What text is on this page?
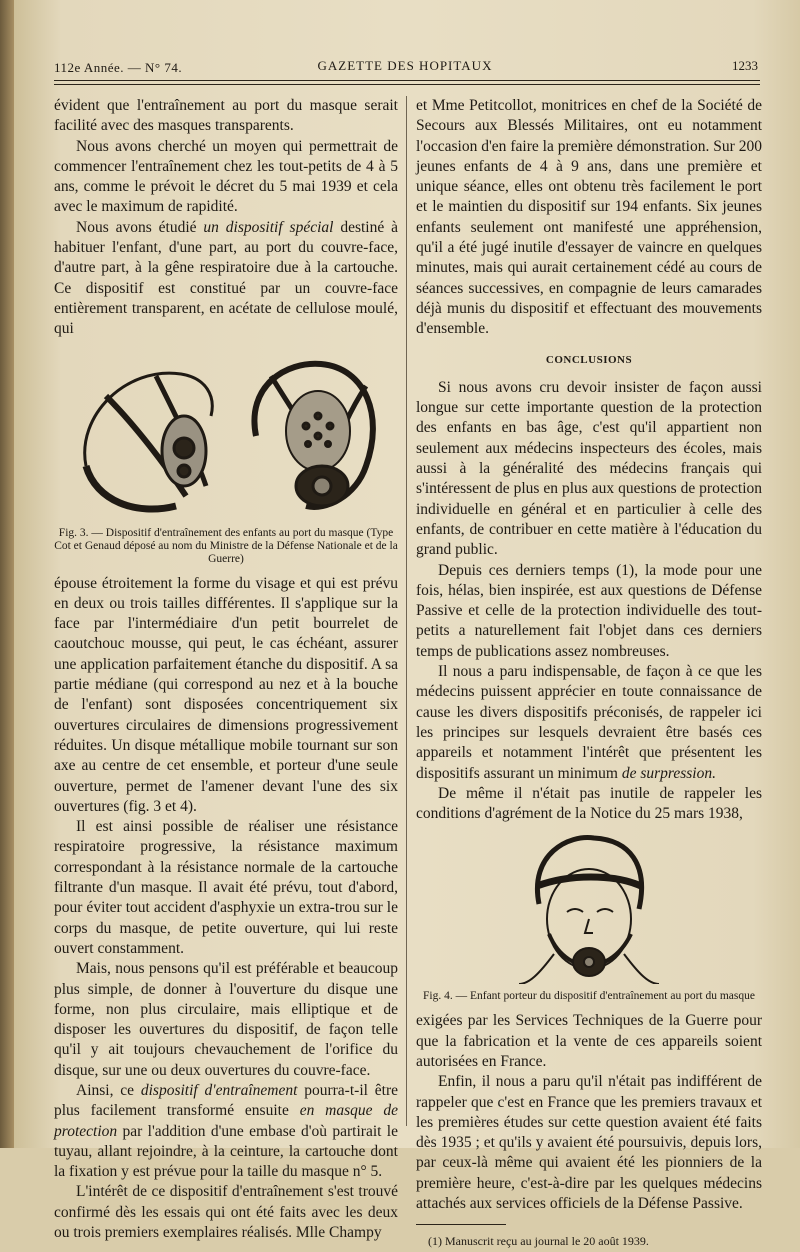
112e Année. — N° 74.	GAZETTE DES HOPITAUX	1233

évident que l'entraînement au port du masque serait facilité avec des masques transparents.

Nous avons cherché un moyen qui permettrait de commencer l'entraînement chez les tout-petits de 4 à 5 ans, comme le prévoit le décret du 5 mai 1939 et cela avec le maximum de rapidité.

Nous avons étudié un dispositif spécial destiné à habituer l'enfant, d'une part, au port du couvre-face, d'autre part, à la gêne respiratoire due à la cartouche. Ce dispositif est constitué par un couvre-face entièrement transparent, en acétate de cellulose moulé, qui

Fig. 3. — Dispositif d'entraînement des enfants au port du masque (Type Cot et Genaud déposé au nom du Ministre de la Défense Nationale et de la Guerre)

épouse étroitement la forme du visage et qui est prévu en deux ou trois tailles différentes. Il s'applique sur la face par l'intermédiaire d'un petit bourrelet de caoutchouc mousse, qui peut, le cas échéant, assurer une application parfaitement étanche du dispositif. A sa partie médiane (qui correspond au nez et à la bouche de l'enfant) sont disposées concentriquement six ouvertures circulaires de dimensions progressivement réduites. Un disque métallique mobile tournant sur son axe au centre de cet ensemble, et porteur d'une seule ouverture, permet de l'amener devant l'une des six ouvertures (fig. 3 et 4).

Il est ainsi possible de réaliser une résistance respiratoire progressive, la résistance maximum correspondant à la résistance normale de la cartouche filtrante d'un masque. Il avait été prévu, tout d'abord, pour éviter tout accident d'asphyxie un extra-trou sur le corps du masque, de petite ouverture, qui lui reste ouvert constamment.

Mais, nous pensons qu'il est préférable et beaucoup plus simple, de donner à l'ouverture du disque une forme, non plus circulaire, mais elliptique et de disposer les ouvertures du dispositif, de façon telle qu'il y ait toujours chevauchement de l'orifice du disque, sur une ou deux ouvertures du couvre-face.

Ainsi, ce dispositif d'entraînement pourra-t-il être plus facilement transformé ensuite en masque de protection par l'addition d'une embase d'où partirait le tuyau, allant rejoindre, à la ceinture, la cartouche dont la fixation y est prévue pour la taille du masque n° 5.

L'intérêt de ce dispositif d'entraînement s'est trouvé confirmé dès les essais qui ont été faits avec les deux ou trois premiers exemplaires réalisés. Mlle Champy

et Mme Petitcollot, monitrices en chef de la Société de Secours aux Blessés Militaires, ont eu notamment l'occasion d'en faire la première démonstration. Sur 200 jeunes enfants de 4 à 9 ans, dans une première et unique séance, elles ont obtenu très facilement le port et le maintien du dispositif sur 194 enfants. Six jeunes enfants seulement ont manifesté une appréhension, qu'il a été jugé inutile d'essayer de vaincre en quelques minutes, mais qui aurait certainement cédé au cours de séances successives, en compagnie de leurs camarades déjà munis du dispositif et effectuant des mouvements d'ensemble.

CONCLUSIONS

Si nous avons cru devoir insister de façon aussi longue sur cette importante question de la protection des enfants en bas âge, c'est qu'il appartient non seulement aux médecins inspecteurs des écoles, mais aussi à la généralité des médecins français qui s'intéressent de plus en plus aux questions de protection individuelle en général et en particulier à celle des enfants, de contribuer en cette matière à l'éducation du grand public.

Depuis ces derniers temps (1), la mode pour une fois, hélas, bien inspirée, est aux questions de Défense Passive et celle de la protection individuelle des tout-petits a naturellement fait l'objet dans ces derniers temps de publications assez nombreuses.

Il nous a paru indispensable, de façon à ce que les médecins puissent apprécier en toute connaissance de cause les divers dispositifs préconisés, de rappeler ici les principes sur lesquels devraient être basés ces appareils et notamment l'intérêt que présentent les dispositifs assurant un minimum de surpression.

De même il n'était pas inutile de rappeler les conditions d'agrément de la Notice du 25 mars 1938,

Fig. 4. — Enfant porteur du dispositif d'entraînement au port du masque

exigées par les Services Techniques de la Guerre pour que la fabrication et la vente de ces appareils soient autorisées en France.

Enfin, il nous a paru qu'il n'était pas indifférent de rappeler que c'est en France que les premiers travaux et les premières études sur cette question avaient été faits dès 1935 ; et qu'ils y avaient été poursuivis, depuis lors, par ceux-là même qui avaient été les pionniers de la première heure, c'est-à-dire par les quelques médecins attachés aux services officiels de la Défense Passive.

(1) Manuscrit reçu au journal le 20 août 1939.
